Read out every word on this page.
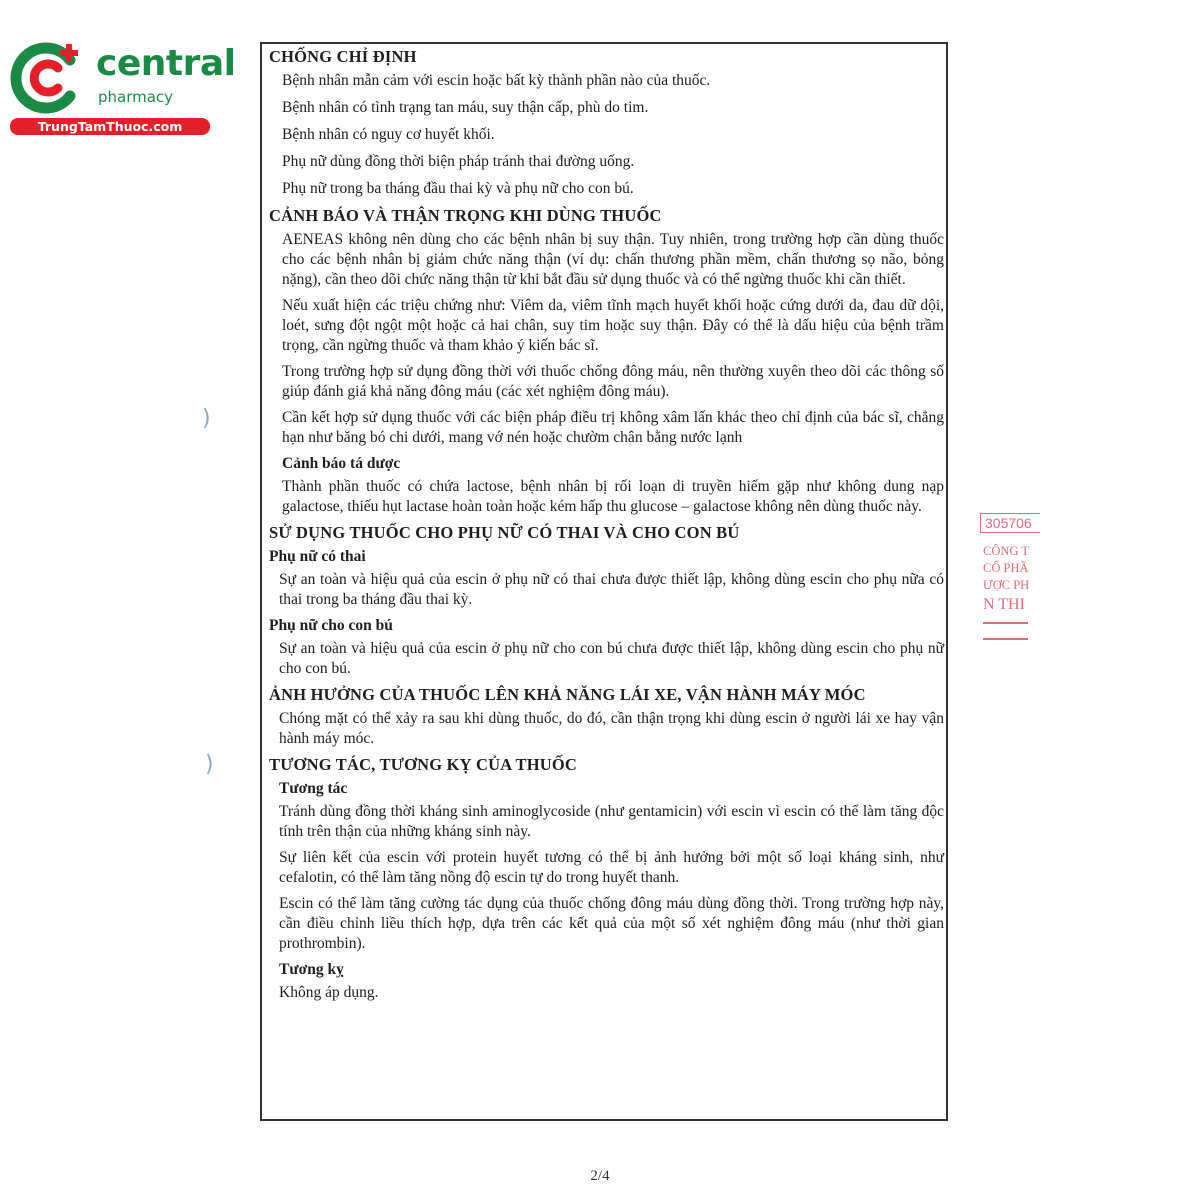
central
pharmacy
TrungTamThuoc.com
CHỐNG CHỈ ĐỊNH
Bệnh nhân mẫn cảm với escin hoặc bất kỳ thành phần nào của thuốc.
Bệnh nhân có tình trạng tan máu, suy thận cấp, phù do tim.
Bệnh nhân có nguy cơ huyết khối.
Phụ nữ dùng đồng thời biện pháp tránh thai đường uống.
Phụ nữ trong ba tháng đầu thai kỳ và phụ nữ cho con bú.
CẢNH BÁO VÀ THẬN TRỌNG KHI DÙNG THUỐC
AENEAS không nên dùng cho các bệnh nhân bị suy thận. Tuy nhiên, trong trường hợp cần dùng thuốc cho các bệnh nhân bị giảm chức năng thận (ví dụ: chấn thương phần mềm, chấn thương sọ não, bỏng nặng), cần theo dõi chức năng thận từ khi bắt đầu sử dụng thuốc và có thể ngừng thuốc khi cần thiết.
Nếu xuất hiện các triệu chứng như: Viêm da, viêm tĩnh mạch huyết khối hoặc cứng dưới da, đau dữ dội, loét, sưng đột ngột một hoặc cả hai chân, suy tim hoặc suy thận. Đây có thể là dấu hiệu của bệnh trầm trọng, cần ngừng thuốc và tham khảo ý kiến bác sĩ.
Trong trường hợp sử dụng đồng thời với thuốc chống đông máu, nên thường xuyên theo dõi các thông số giúp đánh giá khả năng đông máu (các xét nghiệm đông máu).
Cần kết hợp sử dụng thuốc với các biện pháp điều trị không xâm lấn khác theo chỉ định của bác sĩ, chẳng hạn như băng bó chi dưới, mang vớ nén hoặc chườm chân bằng nước lạnh
Cảnh báo tá dược
Thành phần thuốc có chứa lactose, bệnh nhân bị rối loạn di truyền hiếm gặp như không dung nạp galactose, thiếu hụt lactase hoàn toàn hoặc kém hấp thu glucose – galactose không nên dùng thuốc này.
SỬ DỤNG THUỐC CHO PHỤ NỮ CÓ THAI VÀ CHO CON BÚ
Phụ nữ có thai
Sự an toàn và hiệu quả của escin ở phụ nữ có thai chưa được thiết lập, không dùng escin cho phụ nữa có thai trong ba tháng đầu thai kỳ.
Phụ nữ cho con bú
Sự an toàn và hiệu quả của escin ở phụ nữ cho con bú chưa được thiết lập, không dùng escin cho phụ nữ cho con bú.
ẢNH HƯỞNG CỦA THUỐC LÊN KHẢ NĂNG LÁI XE, VẬN HÀNH MÁY MÓC
Chóng mặt có thể xảy ra sau khi dùng thuốc, do đó, cần thận trọng khi dùng escin ở người lái xe hay vận hành máy móc.
TƯƠNG TÁC, TƯƠNG KỴ CỦA THUỐC
Tương tác
Tránh dùng đồng thời kháng sinh aminoglycoside (như gentamicin) với escin vì escin có thể làm tăng độc tính trên thận của những kháng sinh này.
Sự liên kết của escin với protein huyết tương có thể bị ảnh hưởng bởi một số loại kháng sinh, như cefalotin, có thể làm tăng nồng độ escin tự do trong huyết thanh.
Escin có thể làm tăng cường tác dụng của thuốc chống đông máu dùng đồng thời. Trong trường hợp này, cần điều chỉnh liều thích hợp, dựa trên các kết quả của một số xét nghiệm đông máu (như thời gian prothrombin).
Tương kỵ
Không áp dụng.
)
)
305706
CÔNG T
CỔ PHẦ
ƯỢC PH
N THI
2/4
